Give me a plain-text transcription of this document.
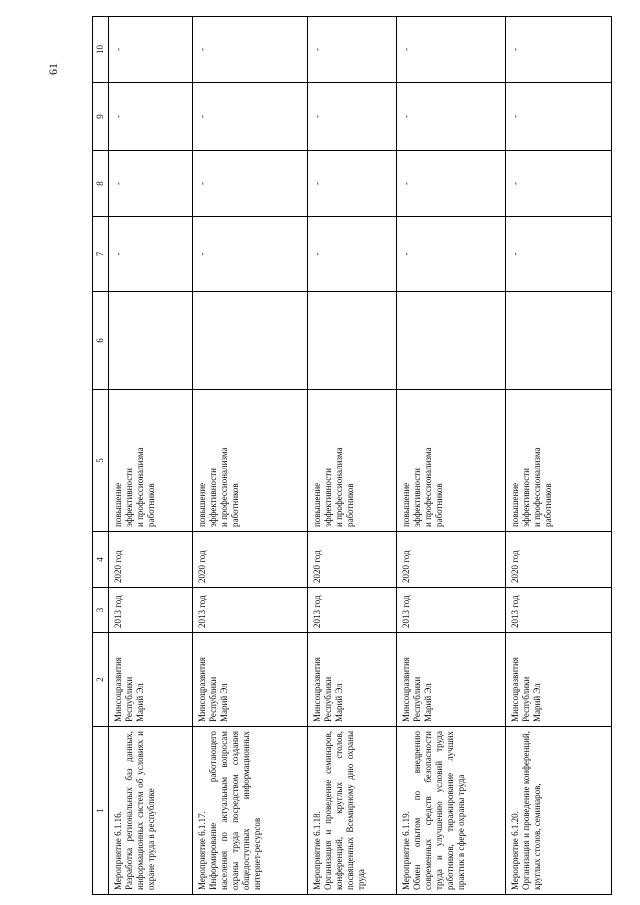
61
1	2	3	4	5	6	7	8	9	10
Мероприятие 6.1.16.
Разработка региональных баз данных, информационных систем об условиях и охране труда в республике	Минсоцразвития
Республики
Марий Эл	2013 год	2020 год	повышение
эффективности
и профессионализма
работников		-	-	-	-
Мероприятие 6.1.17.
Информирование работающего населения по актуальным вопросам охраны труда посредством создания общедоступных информационных интернет-ресурсов	Минсоцразвития
Республики
Марий Эл	2013 год	2020 год	повышение
эффективности
и профессионализма
работников		-	-	-	-
Мероприятие 6.1.18.
Организация и проведение семинаров, конференций, круглых столов, посвященных Всемирному дню охраны труда	Минсоцразвития
Республики
Марий Эл	2013 год	2020 год	повышение
эффективности
и профессионализма
работников		-	-	-	-
Мероприятие 6.1.19.
Обмен опытом по внедрению современных средств безопасности труда и улучшению условий труда работников, тиражирование лучших практик в сфере охраны труда	Минсоцразвития
Республики
Марий Эл	2013 год	2020 год	повышение
эффективности
и профессионализма
работников		-	-	-	-
Мероприятие 6.1.20.
Организация и проведение конференций, круглых столов, семинаров,	Минсоцразвития
Республики
Марий Эл	2013 год	2020 год	повышение
эффективности
и профессионализма
работников		-	-	-	-
